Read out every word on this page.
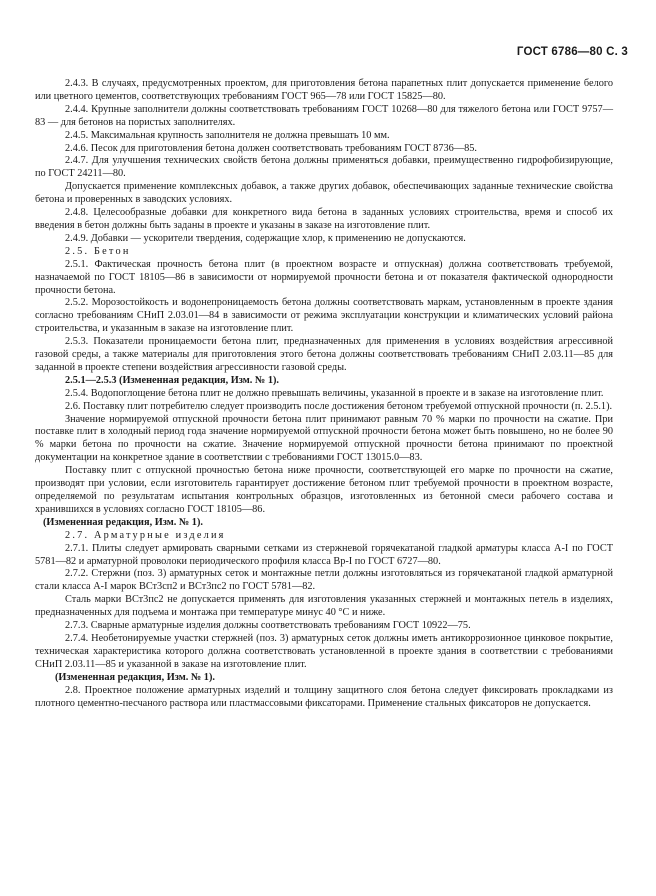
ГОСТ 6786—80 С. 3

2.4.3. В случаях, предусмотренных проектом, для приготовления бетона парапетных плит допускается применение белого или цветного цементов, соответствующих требованиям ГОСТ 965—78 или ГОСТ 15825—80.

2.4.4. Крупные заполнители должны соответствовать требованиям ГОСТ 10268—80 для тяжелого бетона или ГОСТ 9757—83 — для бетонов на пористых заполнителях.

2.4.5. Максимальная крупность заполнителя не должна превышать 10 мм.

2.4.6. Песок для приготовления бетона должен соответствовать требованиям ГОСТ 8736—85.

2.4.7. Для улучшения технических свойств бетона должны применяться добавки, преимущественно гидрофобизирующие, по ГОСТ 24211—80.

Допускается применение комплексных добавок, а также других добавок, обеспечивающих заданные технические свойства бетона и проверенных в заводских условиях.

2.4.8. Целесообразные добавки для конкретного вида бетона в заданных условиях строительства, время и способ их введения в бетон должны быть заданы в проекте и указаны в заказе на изготовление плит.

2.4.9. Добавки — ускорители твердения, содержащие хлор, к применению не допускаются.

2.5. Бетон

2.5.1. Фактическая прочность бетона плит (в проектном возрасте и отпускная) должна соответствовать требуемой, назначаемой по ГОСТ 18105—86 в зависимости от нормируемой прочности бетона и от показателя фактической однородности прочности бетона.

2.5.2. Морозостойкость и водонепроницаемость бетона должны соответствовать маркам, установленным в проекте здания согласно требованиям СНиП 2.03.01—84 в зависимости от режима эксплуатации конструкции и климатических условий района строительства, и указанным в заказе на изготовление плит.

2.5.3. Показатели проницаемости бетона плит, предназначенных для применения в условиях воздействия агрессивной газовой среды, а также материалы для приготовления этого бетона должны соответствовать требованиям СНиП 2.03.11—85 для заданной в проекте степени воздействия агрессивности газовой среды.

2.5.1—2.5.3 (Измененная редакция, Изм. № 1).

2.5.4. Водопоглощение бетона плит не должно превышать величины, указанной в проекте и в заказе на изготовление плит.

2.6. Поставку плит потребителю следует производить после достижения бетоном требуемой отпускной прочности (п. 2.5.1).

Значение нормируемой отпускной прочности бетона плит принимают равным 70 % марки по прочности на сжатие. При поставке плит в холодный период года значение нормируемой отпускной прочности бетона может быть повышено, но не более 90 % марки бетона по прочности на сжатие. Значение нормируемой отпускной прочности бетона принимают по проектной документации на конкретное здание в соответствии с требованиями ГОСТ 13015.0—83.

Поставку плит с отпускной прочностью бетона ниже прочности, соответствующей его марке по прочности на сжатие, производят при условии, если изготовитель гарантирует достижение бетоном плит требуемой прочности в проектном возрасте, определяемой по результатам испытания контрольных образцов, изготовленных из бетонной смеси рабочего состава и хранившихся в условиях согласно ГОСТ 18105—86.

(Измененная редакция, Изм. № 1).

2.7. Арматурные изделия

2.7.1. Плиты следует армировать сварными сетками из стержневой горячекатаной гладкой арматуры класса А-I по ГОСТ 5781—82 и арматурной проволоки периодического профиля класса Вр-I по ГОСТ 6727—80.

2.7.2. Стержни (поз. 3) арматурных сеток и монтажные петли должны изготовляться из горячекатаной гладкой арматурной стали класса А-I марок ВСт3сп2 и ВСт3пс2 по ГОСТ 5781—82.

Сталь марки ВСт3пс2 не допускается применять для изготовления указанных стержней и монтажных петель в изделиях, предназначенных для подъема и монтажа при температуре минус 40 °С и ниже.

2.7.3. Сварные арматурные изделия должны соответствовать требованиям ГОСТ 10922—75.

2.7.4. Необетонируемые участки стержней (поз. 3) арматурных сеток должны иметь антикоррозионное цинковое покрытие, техническая характеристика которого должна соответствовать установленной в проекте здания в соответствии с требованиями СНиП 2.03.11—85 и указанной в заказе на изготовление плит.

(Измененная редакция, Изм. № 1).

2.8. Проектное положение арматурных изделий и толщину защитного слоя бетона следует фиксировать прокладками из плотного цементно-песчаного раствора или пластмассовыми фиксаторами. Применение стальных фиксаторов не допускается.
